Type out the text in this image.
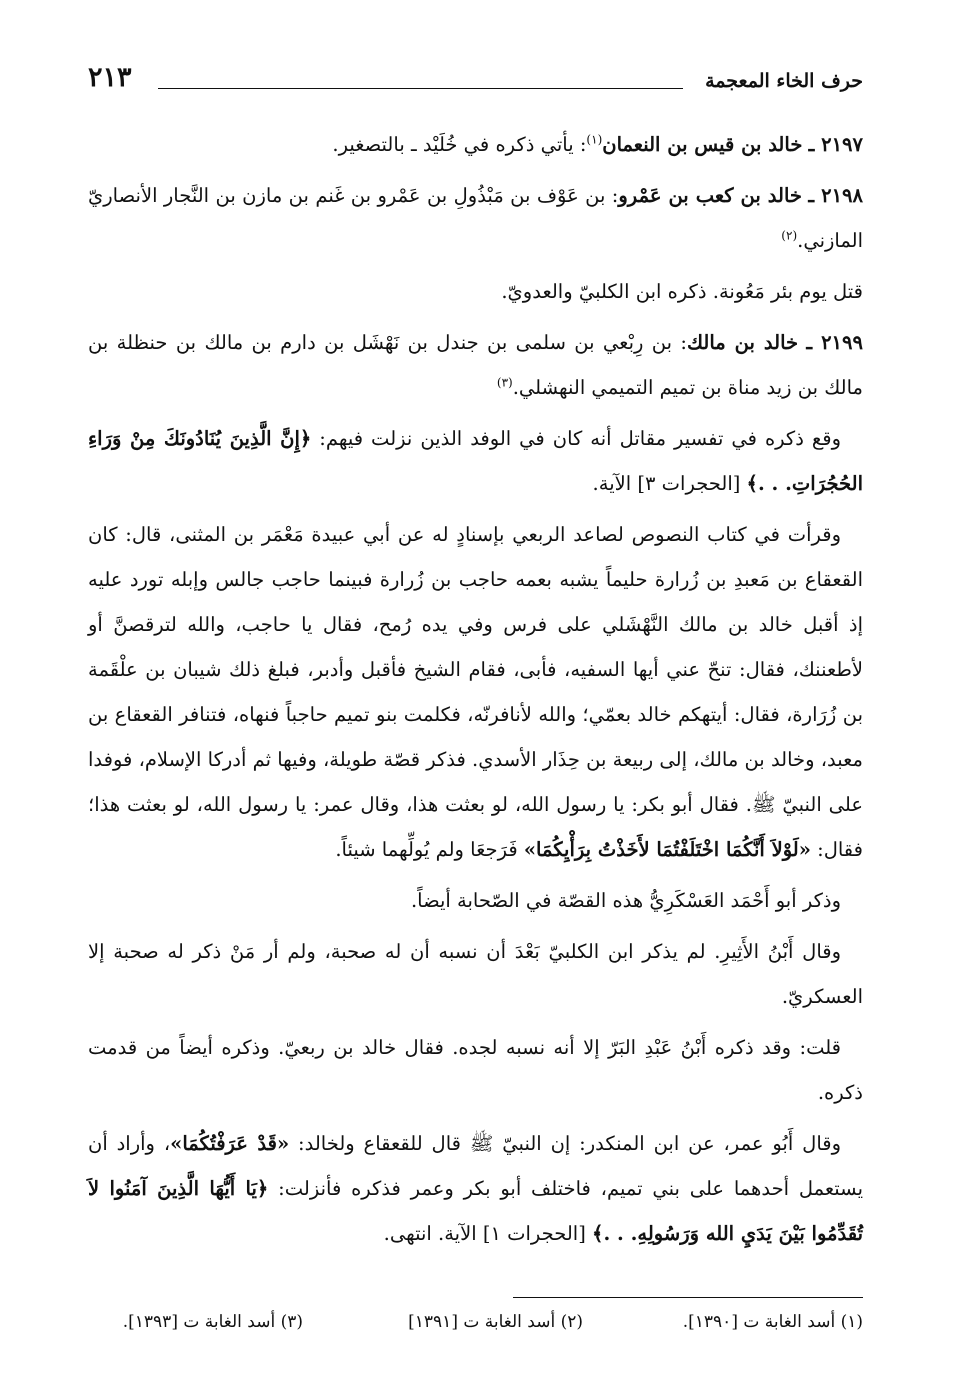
حرف الخاء المعجمة
٢١٣

٢١٩٧ ـ خالد بن قيس بن النعمان$^{(١)}$: يأتي ذكره في خُلَيْد ـ بالتصغير.

٢١٩٨ ـ خالد بن كعب بن عَمْرو: بن عَوْف بن مَبْذُولِ بن عَمْرو بن غَنم بن مازن بن النَّجار الأنصاريّ المازني.$^{(٢)}$

قتل يوم بئر مَعُونة. ذكره ابن الكلبيّ والعدويّ.

٢١٩٩ ـ خالد بن مالك: بن رِبْعي بن سلمى بن جندل بن نَهْشَل بن دارم بن مالك بن حنظلة بن مالك بن زيد مناة بن تميم التميمي النهشلي.$^{(٣)}$

وقع ذكره في تفسير مقاتل أنه كان في الوفد الذين نزلت فيهم: ﴿إِنَّ الَّذِينَ يُنَادُونَكَ مِنْ وَرَاءِ الحُجُرَاتِ. . .﴾ [الحجرات ٣] الآية.

وقرأت في كتاب النصوص لصاعد الربعي بإسنادٍ له عن أبي عبيدة مَعْمَر بن المثنى، قال: كان القعقاع بن مَعبدِ بن زُرارة حليماً يشبه بعمه حاجب بن زُرارة فبينما حاجب جالس وإبله تورد عليه إذ أقبل خالد بن مالك النَّهْشَلي على فرس وفي يده رُمح، فقال يا حاجب، والله لترقصنَّ أو لأطعننك، فقال: تنحّ عني أيها السفيه، فأبى، فقام الشيخ فأقبل وأدبر، فبلغ ذلك شيبان بن علْقَمة بن زُرَارة، فقال: أيتهكم خالد بعمّي؛ والله لأنافرنّه، فكلمت بنو تميم حاجباً فنهاه، فتنافر القعقاع بن معبد، وخالد بن مالك، إلى ربيعة بن حِذَار الأسدي. فذكر قصّة طويلة، وفيها ثم أدركا الإسلام، فوفدا على النبيّ ﷺ. فقال أبو بكر: يا رسول الله، لو بعثت هذا، وقال عمر: يا رسول الله، لو بعثت هذا؛ فقال: «لَوْلاَ أَنَّكُمَا اخْتَلَفْتُمَا لأَخَذْتُ بِرَأْيِكُمَا» فَرَجعَا ولم يُولِّهما شيئاً.

وذكر أبو أَحْمَد العَسْكَرِيُّ هذه القصّة في الصّحابة أيضاً.

وقال أَبْنُ الأَثِيرِ. لم يذكر ابن الكلبيّ بَعْدَ أن نسبه أن له صحبة، ولم أر مَنْ ذكر له صحبة إلا العسكريّ.

قلت: وقد ذكره أَبْنُ عَبْدِ البَرّ إلا أنه نسبه لجده. فقال خالد بن ربعيّ. وذكره أيضاً من قدمت ذكره.

وقال أَبُو عمر، عن ابن المنكدر: إن النبيّ ﷺ قال للقعقاع ولخالد: «قَدْ عَرَفْتُكُمَا»، وأراد أن يستعمل أحدهما على بني تميم، فاختلف أبو بكر وعمر فذكره فأنزلت: ﴿يَا أَيُّهَا الَّذِينَ آمَنُوا لاَ تُقَدِّمُوا بَيْنَ يَدَيِ الله وَرَسُولِهِ. . .﴾ [الحجرات ١] الآية. انتهى.

(١) أسد الغابة ت [١٣٩٠].
(٢) أسد الغابة ت [١٣٩١]
(٣) أسد الغابة ت [١٣٩٣].
